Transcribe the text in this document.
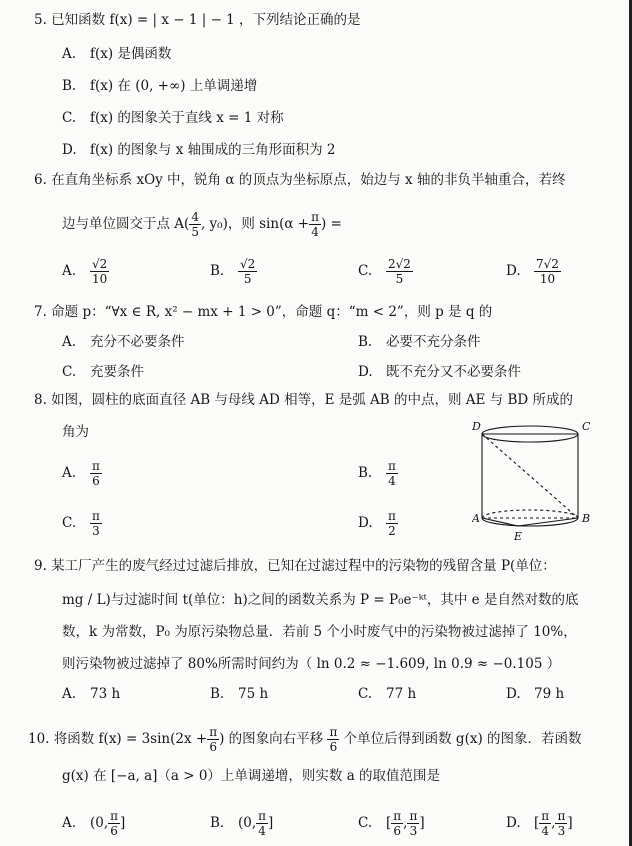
5. 已知函数 f(x) = | x − 1 | − 1 ，下列结论正确的是
A. f(x) 是偶函数
B. f(x) 在 (0, +∞) 上单调递增
C. f(x) 的图象关于直线 x = 1 对称
D. f(x) 的图象与 x 轴围成的三角形面积为 2
6. 在直角坐标系 xOy 中，锐角 α 的顶点为坐标原点，始边与 x 轴的非负半轴重合，若终
边与单位圆交于点 $A( \frac{4}{5}$ , y₀)，则 $\sin(\alpha + \frac{\pi}{4}$ ) =
A. $\frac{√2}{10}$	B. $\frac{√2}{5}$	C. $\frac{2√2}{5}$	D. $\frac{7√2}{10}$
7. 命题 p：“∀x ∈ R, x² − mx + 1 > 0”，命题 q：“m < 2”，则 p 是 q 的
A. 充分不必要条件	B. 必要不充分条件
C. 充要条件	D. 既不充分又不必要条件
8. 如图，圆柱的底面直径 AB 与母线 AD 相等，E 是弧 AB 的中点，则 AE 与 BD 所成的
角为
A. $\frac{\pi}{6}$	B. $\frac{\pi}{4}$
C. $\frac{\pi}{3}$	D. $\frac{\pi}{2}$
D	C
A	B
E
9. 某工厂产生的废气经过过滤后排放，已知在过滤过程中的污染物的残留含量 P(单位：
mg / L)与过滤时间 t(单位：h)之间的函数关系为 P = P₀e⁻ᵏᵗ，其中 e 是自然对数的底
数，k 为常数，P₀ 为原污染物总量．若前 5 个小时废气中的污染物被过滤掉了 10%，
则污染物被过滤掉了 80%所需时间约为（ ln 0.2 ≈ −1.609, ln 0.9 ≈ −0.105 ）
A. 73 h	B. 75 h	C. 77 h	D. 79 h
10. 将函数 $f(x) = 3\sin(2x + \frac{\pi}{6}$ ) 的图象向右平移 $\frac{\pi}{6}$ 个单位后得到函数 g(x) 的图象．若函数
g(x) 在 [−a, a]（a > 0）上单调递增，则实数 a 的取值范围是
A. (0, $\frac{\pi}{6}$ ]	B. (0, $\frac{\pi}{4}$ ]	C. [ $\frac{\pi}{6}$ , $\frac{\pi}{3}$ ]	D. [ $\frac{\pi}{4}$ , $\frac{\pi}{3}$ ]
